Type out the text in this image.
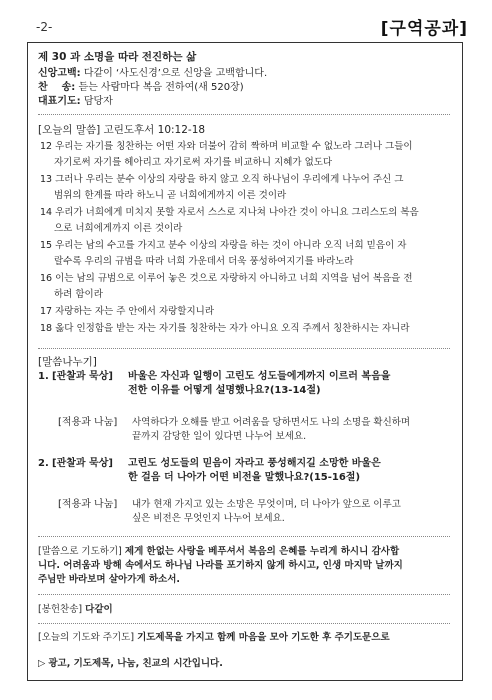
-2-	[구역공과]
제 30 과 소명을 따라 전진하는 삶
신앙고백: 다같이 ‘사도신경’으로 신앙을 고백합니다.
찬    송: 듣는 사람마다 복음 전하여(새 520장)
대표기도: 담당자
[오늘의 말씀] 고린도후서 10:12-18
12 우리는 자기를 칭찬하는 어떤 자와 더불어 감히 짝하며 비교할 수 없노라 그러나 그들이
자기로써 자기를 헤아리고 자기로써 자기를 비교하니 지혜가 없도다
13 그러나 우리는 분수 이상의 자랑을 하지 않고 오직 하나님이 우리에게 나누어 주신 그
범위의 한계를 따라 하노니 곧 너희에게까지 이른 것이라
14 우리가 너희에게 미치지 못할 자로서 스스로 지나쳐 나아간 것이 아니요 그리스도의 복음
으로 너희에게까지 이른 것이라
15 우리는 남의 수고를 가지고 분수 이상의 자랑을 하는 것이 아니라 오직 너희 믿음이 자
랄수록 우리의 규범을 따라 너희 가운데서 더욱 풍성하여지기를 바라노라
16 이는 남의 규범으로 이루어 놓은 것으로 자랑하지 아니하고 너희 지역을 넘어 복음을 전
하려 함이라
17 자랑하는 자는 주 안에서 자랑할지니라
18 옳다 인정함을 받는 자는 자기를 칭찬하는 자가 아니요 오직 주께서 칭찬하시는 자니라
[말씀나누기]
1. [관찰과 묵상] 바울은 자신과 일행이 고린도 성도들에게까지 이르러 복음을
전한 이유를 어떻게 설명했나요?(13-14절)
[적용과 나눔] 사역하다가 오해를 받고 어려움을 당하면서도 나의 소명을 확신하며
끝까지 감당한 일이 있다면 나누어 보세요.
2. [관찰과 묵상] 고린도 성도들의 믿음이 자라고 풍성해지길 소망한 바울은
한 걸음 더 나아가 어떤 비전을 말했나요?(15-16절)
[적용과 나눔] 내가 현재 가지고 있는 소망은 무엇이며, 더 나아가 앞으로 이루고
싶은 비전은 무엇인지 나누어 보세요.
[말씀으로 기도하기] 제게 한없는 사랑을 베푸셔서 복음의 은혜를 누리게 하시니 감사합
니다. 어려움과 방해 속에서도 하나님 나라를 포기하지 않게 하시고, 인생 마지막 날까지
주님만 바라보며 살아가게 하소서.
[봉헌찬송] 다같이
[오늘의 기도와 주기도] 기도제목을 가지고 함께 마음을 모아 기도한 후 주기도문으로
▷ 광고, 기도제목, 나눔, 친교의 시간입니다.
